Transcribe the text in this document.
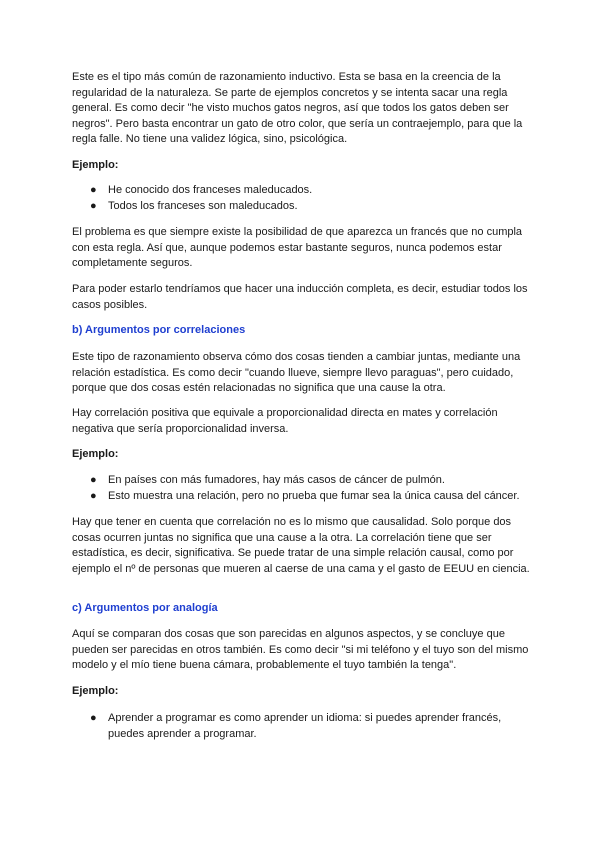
Este es el tipo más común de razonamiento inductivo. Esta se basa en la creencia de la regularidad de la naturaleza. Se parte de ejemplos concretos y se intenta sacar una regla general. Es como decir "he visto muchos gatos negros, así que todos los gatos deben ser negros". Pero basta encontrar un gato de otro color, que sería un contraejemplo, para que la regla falle. No tiene una validez lógica, sino, psicológica.

Ejemplo:

● He conocido dos franceses maleducados.
● Todos los franceses son maleducados.

El problema es que siempre existe la posibilidad de que aparezca un francés que no cumpla con esta regla. Así que, aunque podemos estar bastante seguros, nunca podemos estar completamente seguros.

Para poder estarlo tendríamos que hacer una inducción completa, es decir, estudiar todos los casos posibles.

b) Argumentos por correlaciones

Este tipo de razonamiento observa cómo dos cosas tienden a cambiar juntas, mediante una relación estadística. Es como decir "cuando llueve, siempre llevo paraguas", pero cuidado, porque que dos cosas estén relacionadas no significa que una cause la otra.

Hay correlación positiva que equivale a proporcionalidad directa en mates y correlación negativa que sería proporcionalidad inversa.

Ejemplo:

● En países con más fumadores, hay más casos de cáncer de pulmón.
● Esto muestra una relación, pero no prueba que fumar sea la única causa del cáncer.

Hay que tener en cuenta que correlación no es lo mismo que causalidad. Solo porque dos cosas ocurren juntas no significa que una cause a la otra. La correlación tiene que ser estadística, es decir, significativa. Se puede tratar de una simple relación causal, como por ejemplo el nº de personas que mueren al caerse de una cama y el gasto de EEUU en ciencia.

c) Argumentos por analogía

Aquí se comparan dos cosas que son parecidas en algunos aspectos, y se concluye que pueden ser parecidas en otros también. Es como decir "si mi teléfono y el tuyo son del mismo modelo y el mío tiene buena cámara, probablemente el tuyo también la tenga".

Ejemplo:

● Aprender a programar es como aprender un idioma: si puedes aprender francés, puedes aprender a programar.
